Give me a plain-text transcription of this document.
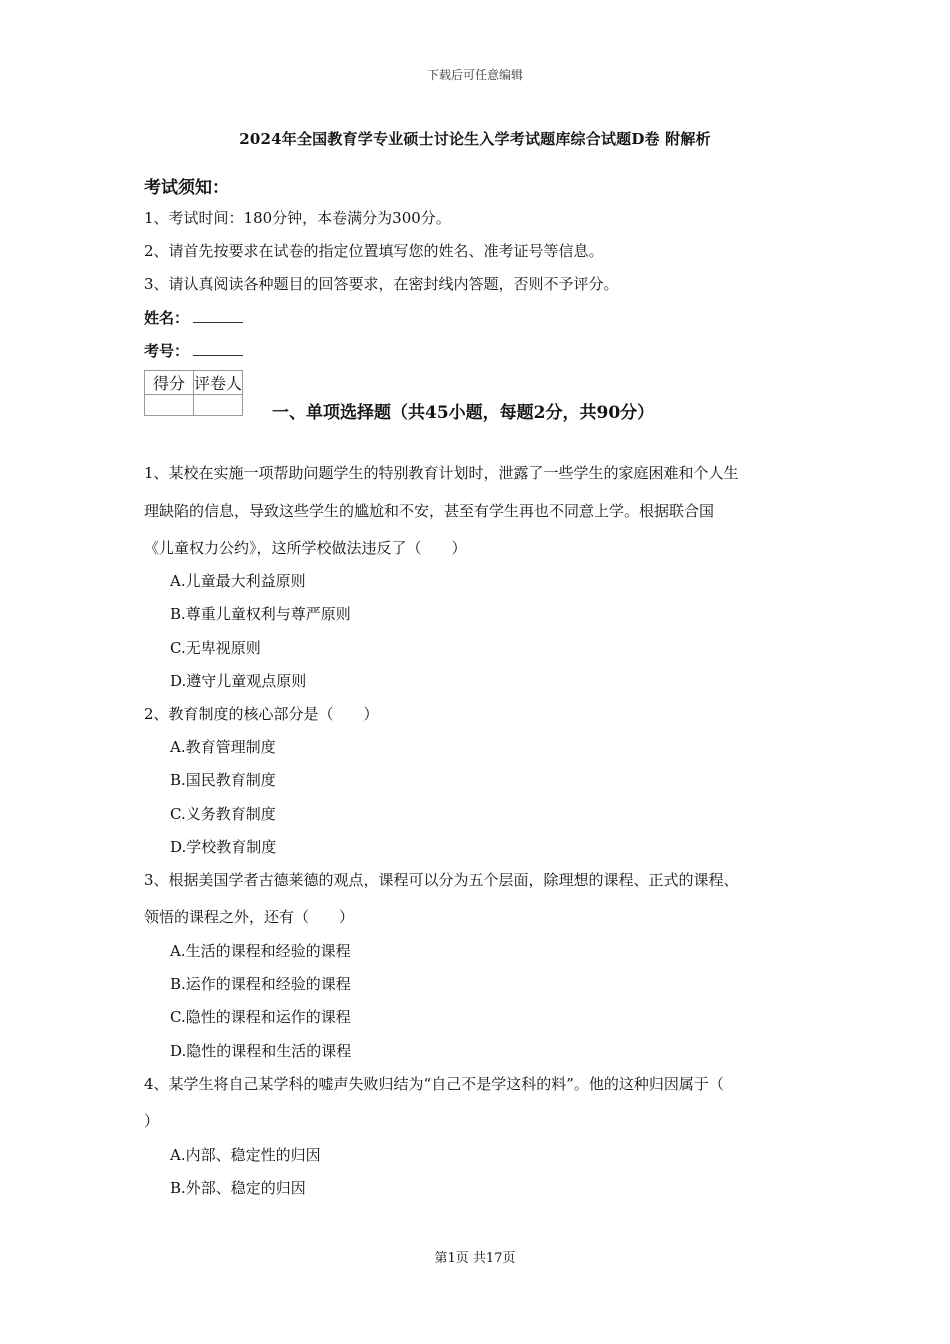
下载后可任意编辑
2024年全国教育学专业硕士讨论生入学考试题库综合试题D卷 附解析
考试须知：
1、考试时间：180分钟，本卷满分为300分。
2、请首先按要求在试卷的指定位置填写您的姓名、准考证号等信息。
3、请认真阅读各种题目的回答要求，在密封线内答题，否则不予评分。
姓名：
考号：
得分	评卷人

一、单项选择题（共45小题，每题2分，共90分）
1、某校在实施一项帮助问题学生的特别教育计划时，泄露了一些学生的家庭困难和个人生
理缺陷的信息，导致这些学生的尴尬和不安，甚至有学生再也不同意上学。根据联合国
《儿童权力公约》，这所学校做法违反了（　　）
A.儿童最大利益原则
B.尊重儿童权利与尊严原则
C.无卑视原则
D.遵守儿童观点原则
2、教育制度的核心部分是（　　）
A.教育管理制度
B.国民教育制度
C.义务教育制度
D.学校教育制度
3、根据美国学者古德莱德的观点，课程可以分为五个层面，除理想的课程、正式的课程、
领悟的课程之外，还有（　　）
A.生活的课程和经验的课程
B.运作的课程和经验的课程
C.隐性的课程和运作的课程
D.隐性的课程和生活的课程
4、某学生将自己某学科的嘘声失败归结为“自己不是学这科的料”。他的这种归因属于（
）
A.内部、稳定性的归因
B.外部、稳定的归因
第1页 共17页
